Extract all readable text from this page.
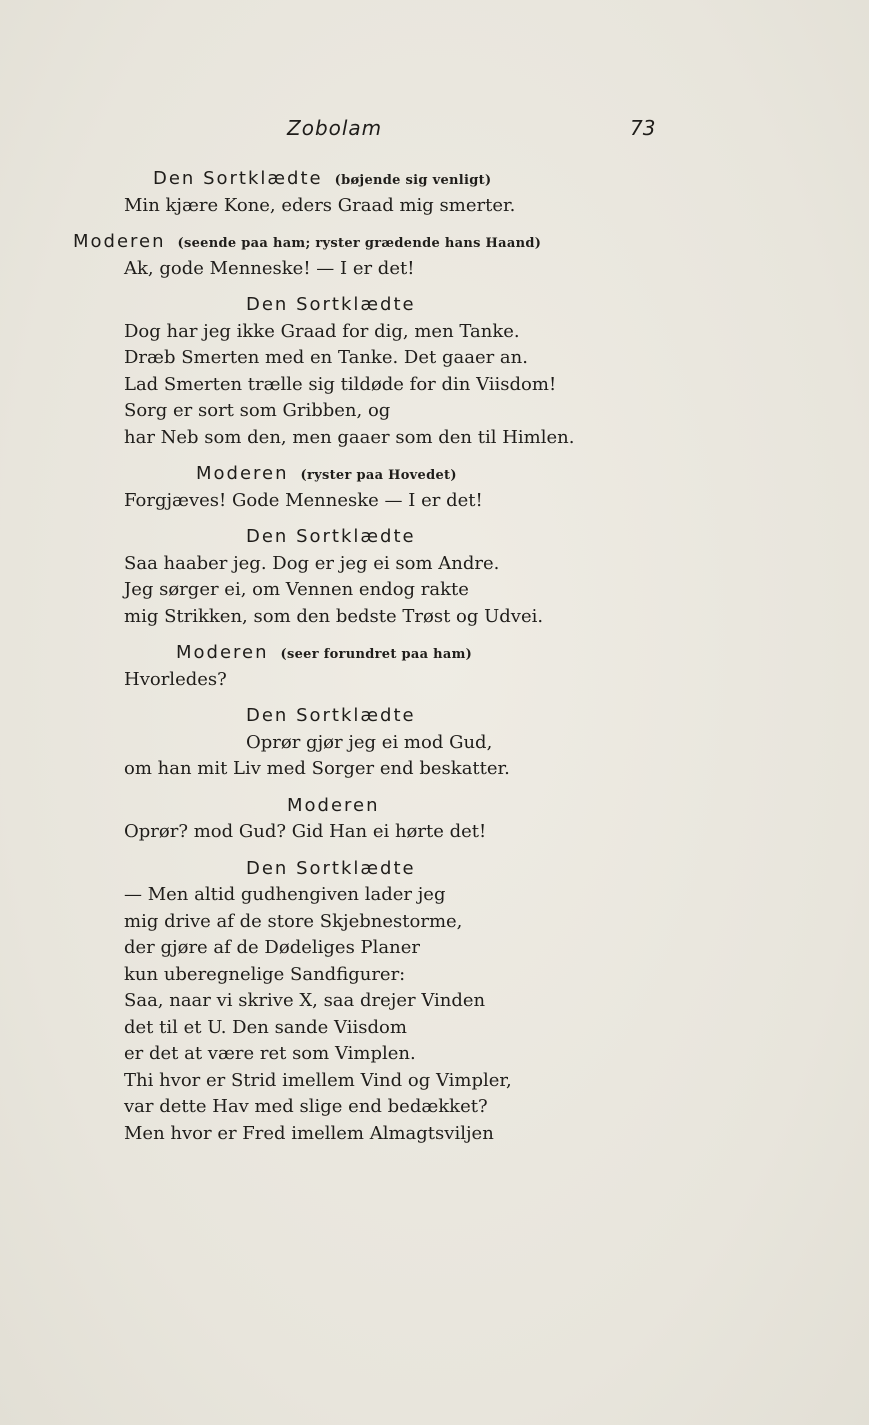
Zobolam	73
Den Sortklædte (bøjende sig venligt)
Min kjære Kone, eders Graad mig smerter.
Moderen (seende paa ham; ryster grædende hans Haand)
Ak, gode Menneske! — I er det!
Den Sortklædte
Dog har jeg ikke Graad for dig, men Tanke.
Dræb Smerten med en Tanke. Det gaaer an.
Lad Smerten trælle sig tildøde for din Viisdom!
Sorg er sort som Gribben, og
har Neb som den, men gaaer som den til Himlen.
Moderen (ryster paa Hovedet)
Forgjæves! Gode Menneske — I er det!
Den Sortklædte
Saa haaber jeg. Dog er jeg ei som Andre.
Jeg sørger ei, om Vennen endog rakte
mig Strikken, som den bedste Trøst og Udvei.
Moderen (seer forundret paa ham)
Hvorledes?
Den Sortklædte
Oprør gjør jeg ei mod Gud,
om han mit Liv med Sorger end beskatter.
Moderen
Oprør? mod Gud? Gid Han ei hørte det!
Den Sortklædte
— Men altid gudhengiven lader jeg
mig drive af de store Skjebnestorme,
der gjøre af de Dødeliges Planer
kun uberegnelige Sandfigurer:
Saa, naar vi skrive X, saa drejer Vinden
det til et U. Den sande Viisdom
er det at være ret som Vimplen.
Thi hvor er Strid imellem Vind og Vimpler,
var dette Hav med slige end bedækket?
Men hvor er Fred imellem Almagtsviljen
